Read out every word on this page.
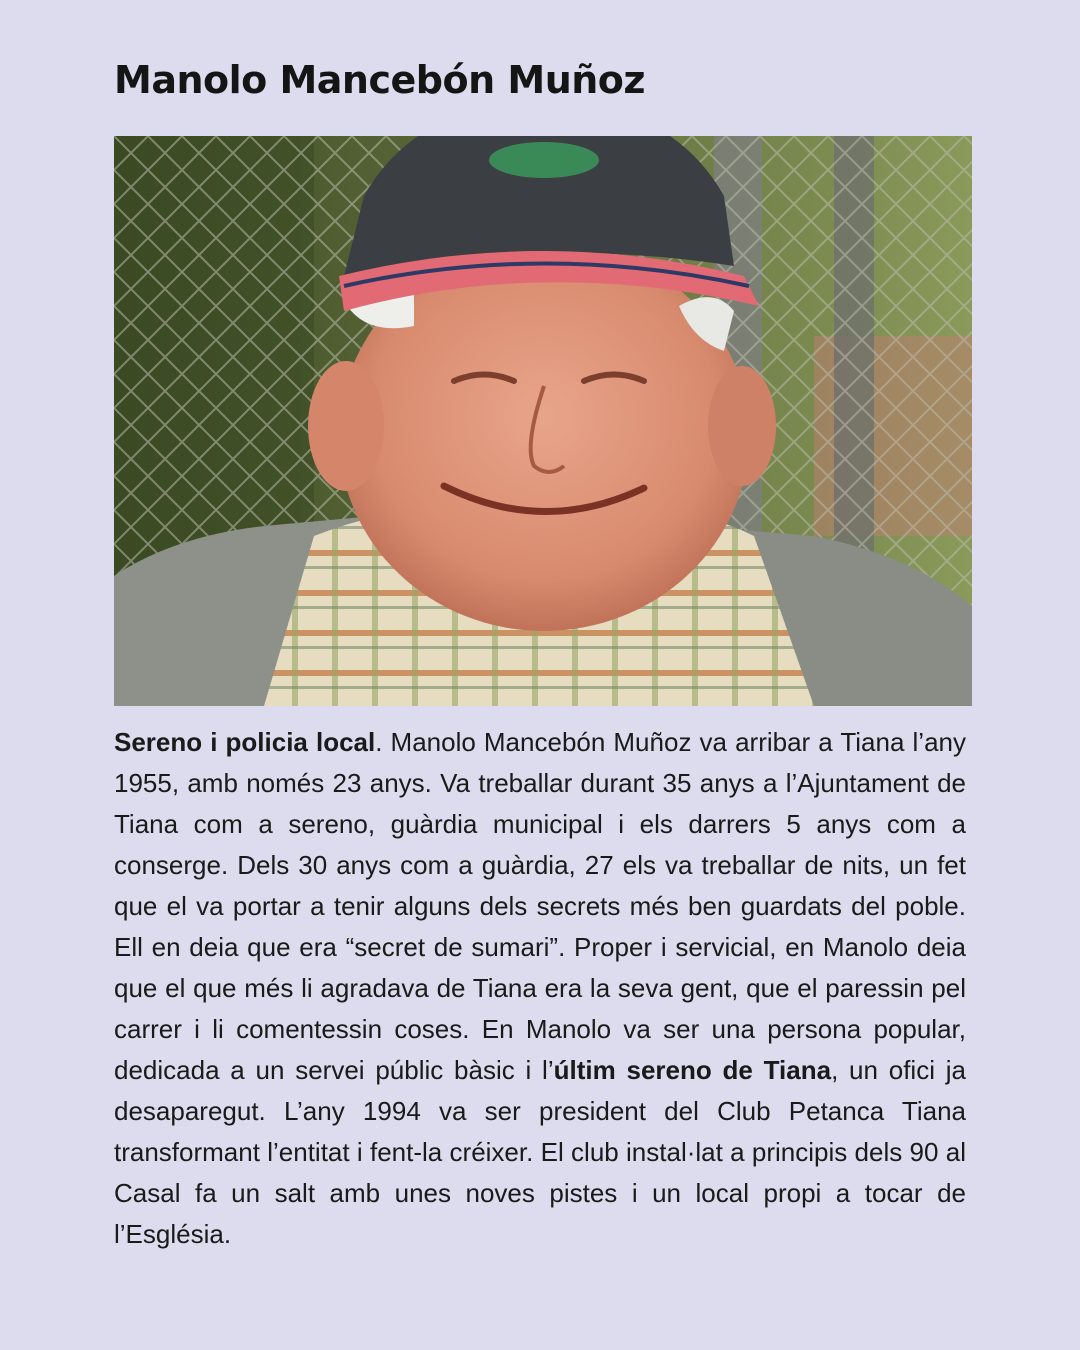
Manolo Mancebón Muñoz

Sereno i policia local. Manolo Mancebón Muñoz va arribar a Tiana l’any 1955, amb només 23 anys. Va treballar durant 35 anys a l’Ajuntament de Tiana com a sereno, guàrdia municipal i els darrers 5 anys com a conserge. Dels 30 anys com a guàrdia, 27 els va treballar de nits, un fet que el va portar a tenir alguns dels secrets més ben guardats del poble. Ell en deia que era “secret de sumari”. Proper i servicial, en Manolo deia que el que més li agradava de Tiana era la seva gent, que el paressin pel carrer i li comentessin coses. En Manolo va ser una persona popular, dedicada a un servei públic bàsic i l’últim sereno de Tiana, un ofici ja desaparegut. L’any 1994 va ser president del Club Petanca Tiana transformant l’entitat i fent-la créixer. El club instal·lat a principis dels 90 al Casal fa un salt amb unes noves pistes i un local propi a tocar de l’Església.
